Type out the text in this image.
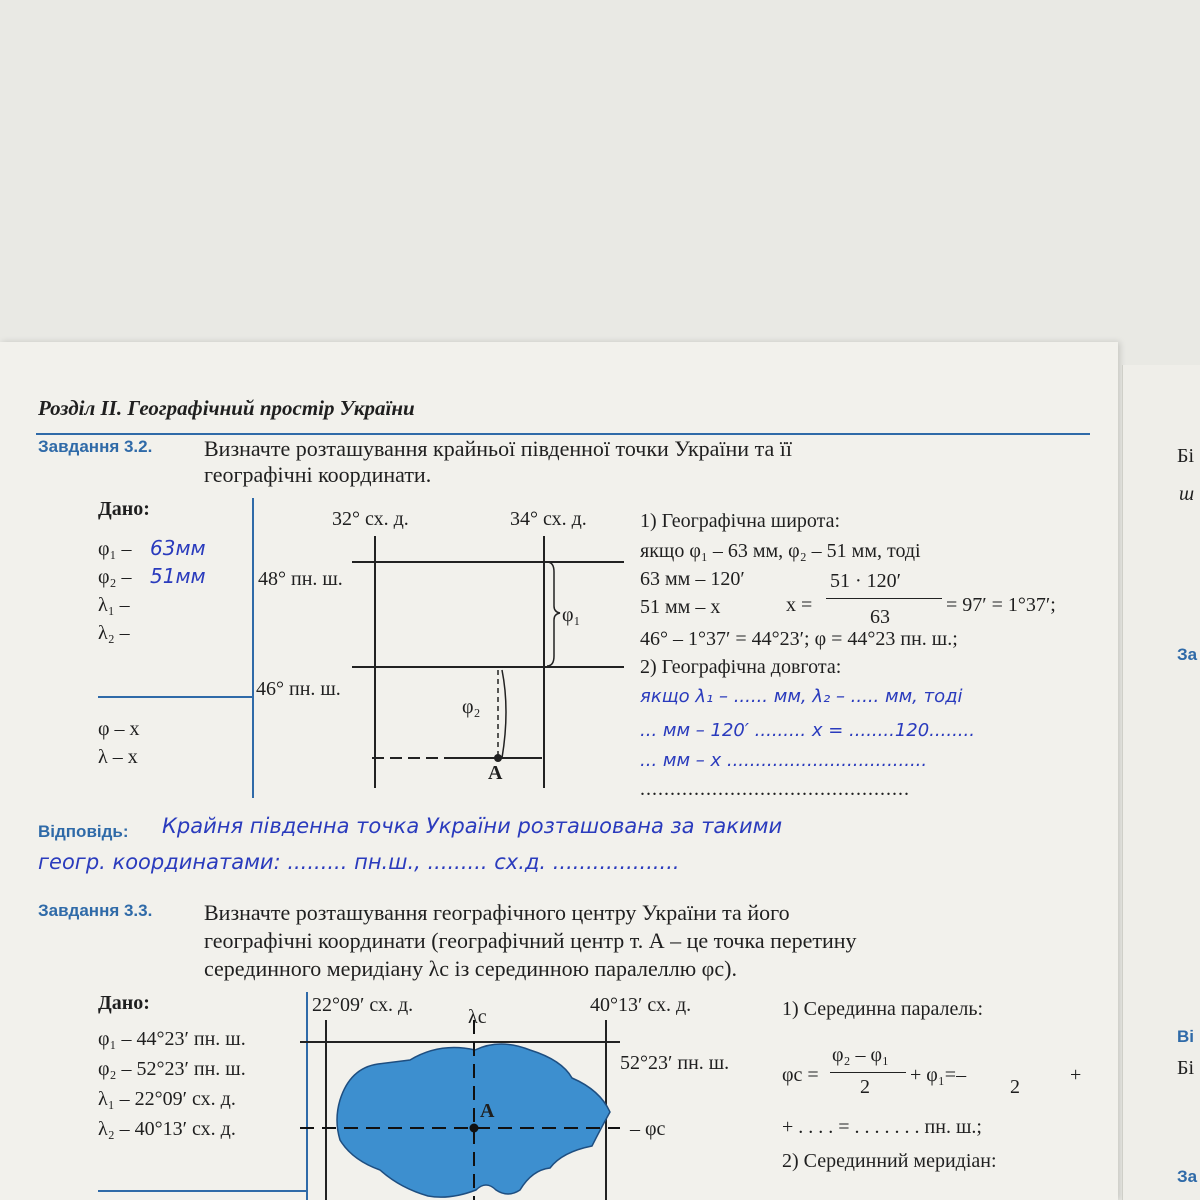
Бі
ш
За
Ві
Бі
За
Розділ ІІ. Географічний простір України
Завдання 3.2. Визначте розташування крайньої південної точки України та її
географічні координати.
Дано:
φ₁ – 63мм
φ₂ – 51мм
λ₁ –
λ₂ –
φ – x
λ – x
32° сх. д.	34° сх. д.
48° пн. ш.
46° пн. ш.
φ₁
φ₂
А
1) Географічна широта:
якщо φ₁ – 63 мм, φ₂ – 51 мм, тоді
63 мм – 120′	51 · 120′
51 мм – x	x =	= 97′ = 1°37′;
63
46° – 1°37′ = 44°23′; φ = 44°23 пн. ш.;
2) Географічна довгота:
якщо λ₁ – ...... мм, λ₂ – ..... мм, тоді
... мм – 120′ ......... x = ........120........
... мм – x ...................................
.............................................
Відповідь: Крайня південна точка України розташована за такими
геогр. координатами: ......... пн.ш., ......... сх.д. ...................
Завдання 3.3. Визначте розташування географічного центру України та його
географічні координати (географічний центр т. А – це точка перетину
серединного меридіану λс із серединною паралеллю φс).
Дано:
φ₁ – 44°23′ пн. ш.
φ₂ – 52°23′ пн. ш.
λ₁ – 22°09′ сх. д.
λ₂ – 40°13′ сх. д.
22°09′ сх. д.	40°13′ сх. д.
λс
52°23′ пн. ш.
А
– φс
1) Серединна паралель:
φс =
φ₂ – φ₁
2
+ φ₁=–
2
+
+ . . . . = . . . . . . . пн. ш.;
2) Серединний меридіан:
